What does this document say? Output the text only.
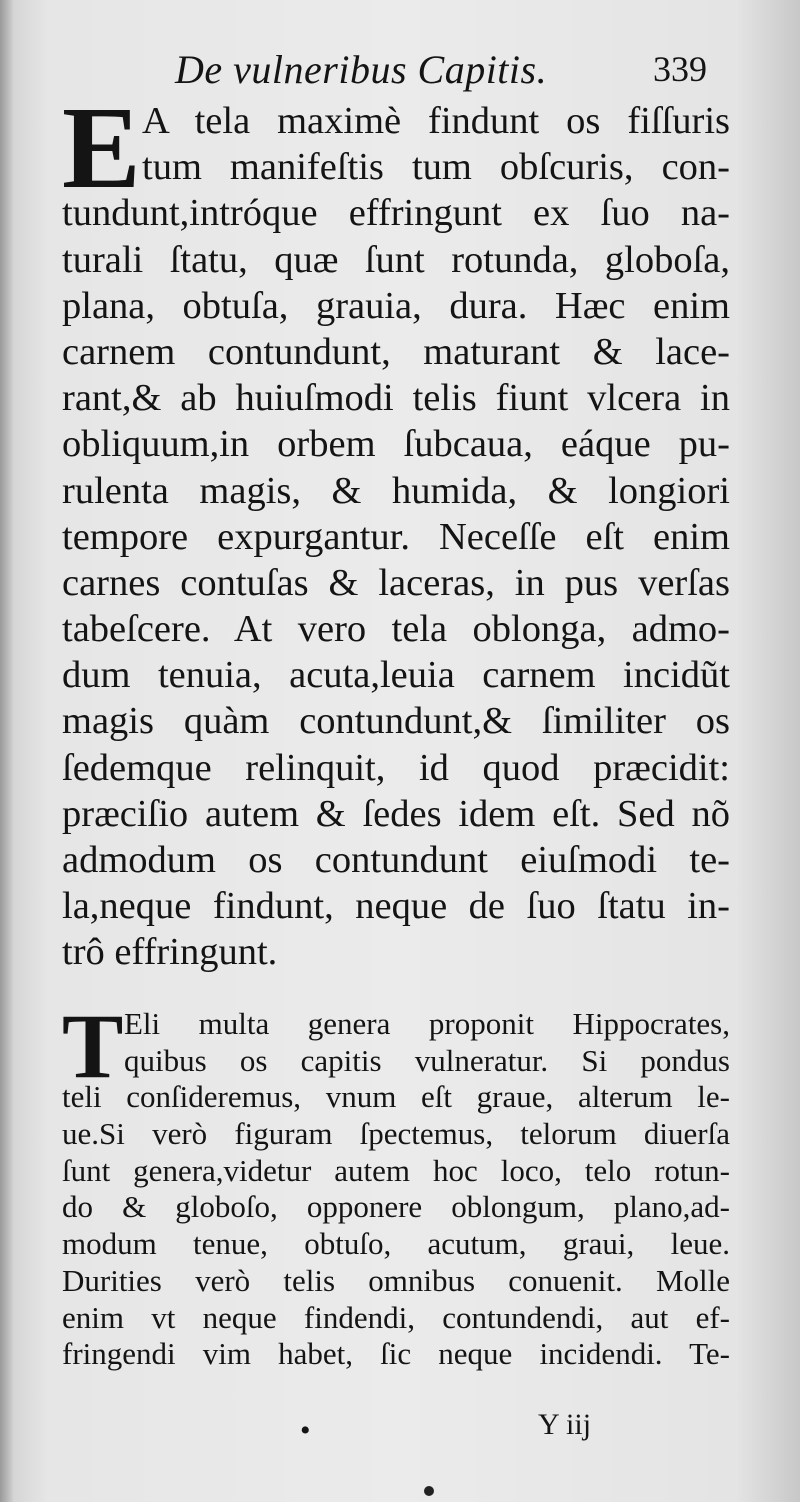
De vulneribus Capitis.	339
E A tela maximè findunt os fiſſuris
tum manifeſtis tum obſcuris, con-
tundunt,intróque effringunt ex ſuo na-
turali ſtatu, quæ ſunt rotunda, globoſa,
plana, obtuſa, grauia, dura. Hæc enim
carnem contundunt, maturant & lace-
rant,& ab huiuſmodi telis fiunt vlcera in
obliquum,in orbem ſubcaua, eáque pu-
rulenta magis, & humida, & longiori
tempore expurgantur. Neceſſe eſt enim
carnes contuſas & laceras, in pus verſas
tabeſcere. At vero tela oblonga, admo-
dum tenuia, acuta,leuia carnem incidũt
magis quàm contundunt,& ſimiliter os
ſedemque relinquit, id quod præcidit:
præciſio autem & ſedes idem eſt. Sed nõ
admodum os contundunt eiuſmodi te-
la,neque findunt, neque de ſuo ſtatu in-
trô effringunt.
T Eli multa genera proponit Hippocrates,
quibus os capitis vulneratur. Si pondus
teli conſideremus, vnum eſt graue, alterum le-
ue.Si verò figuram ſpectemus, telorum diuerſa
ſunt genera,videtur autem hoc loco, telo rotun-
do & globoſo, opponere oblongum, plano,ad-
modum tenue, obtuſo, acutum, graui, leue.
Durities verò telis omnibus conuenit. Molle
enim vt neque findendi, contundendi, aut ef-
fringendi vim habet, ſic neque incidendi. Te-
•	Y iij
